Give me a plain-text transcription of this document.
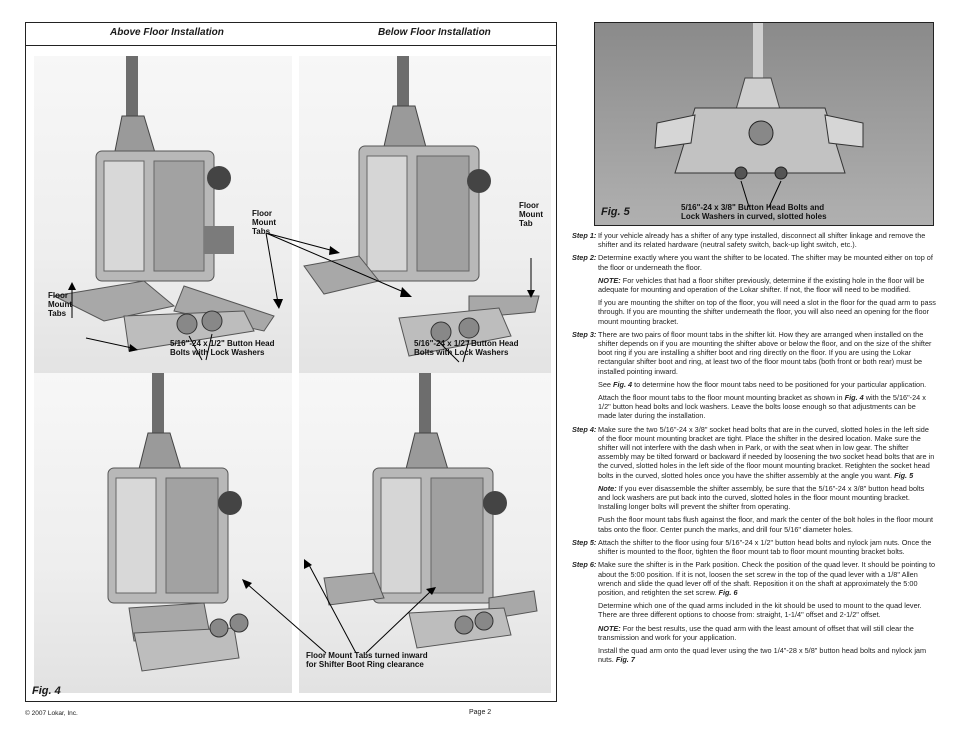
Above Floor Installation	Below Floor Installation
Floor
Mount
Tabs
5/16"-24 x 1/2" Button Head
Bolts with Lock Washers
Floor
Mount
Tabs
Floor
Mount
Tab
5/16"-24 x 1/2" Button Head
Bolts with Lock Washers
Floor Mount Tabs turned inward
for Shifter Boot Ring clearance
Fig. 4
Fig. 5	5/16"-24 x 3/8" Button Head Bolts and
Lock Washers in curved, slotted holes
Step 1: If your vehicle already has a shifter of any type installed, disconnect all shifter linkage and remove the shifter and its related hardware (neutral safety switch, back-up light switch, etc.).
Step 2: Determine exactly where you want the shifter to be located. The shifter may be mounted either on top of the floor or underneath the floor.
NOTE: For vehicles that had a floor shifter previously, determine if the existing hole in the floor will be adequate for mounting and operation of the Lokar shifter. If not, the floor will need to be modified.
If you are mounting the shifter on top of the floor, you will need a slot in the floor for the quad arm to pass through. If you are mounting the shifter underneath the floor, you will also need an opening for the floor mount mounting bracket.
Step 3: There are two pairs of floor mount tabs in the shifter kit. How they are arranged when installed on the shifter depends on if you are mounting the shifter above or below the floor, and on the size of the shifter boot ring if you are installing a shifter boot and ring directly on the floor. If you are using the Lokar rectangular shifter boot and ring, at least two of the floor mount tabs (both front or both rear) must be installed pointing inward.
See Fig. 4 to determine how the floor mount tabs need to be positioned for your particular application.
Attach the floor mount tabs to the floor mount mounting bracket as shown in Fig. 4 with the 5/16"-24 x 1/2" button head bolts and lock washers. Leave the bolts loose enough so that adjustments can be made later during the installation.
Step 4: Make sure the two 5/16"-24 x 3/8" socket head bolts that are in the curved, slotted holes in the left side of the floor mount mounting bracket are tight. Place the shifter in the desired location. Make sure the shifter will not interfere with the dash when in Park, or with the seat when in low gear. The shifter assembly may be tilted forward or backward if needed by loosening the two socket head bolts that are in the curved, slotted holes in the left side of the floor mount mounting bracket. Retighten the socket head bolts in the curved, slotted holes once you have the shifter assembly at the angle you want. Fig. 5
Note: If you ever disassemble the shifter assembly, be sure that the 5/16"-24 x 3/8" button head bolts and lock washers are put back into the curved, slotted holes in the floor mount mounting bracket. Installing longer bolts will prevent the shifter from operating.
Push the floor mount tabs flush against the floor, and mark the center of the bolt holes in the floor mount tabs onto the floor. Center punch the marks, and drill four 5/16" diameter holes.
Step 5: Attach the shifter to the floor using four 5/16"-24 x 1/2" button head bolts and nylock jam nuts. Once the shifter is mounted to the floor, tighten the floor mount tab to floor mount mounting bracket bolts.
Step 6: Make sure the shifter is in the Park position. Check the position of the quad lever. It should be pointing to about the 5:00 position. If it is not, loosen the set screw in the top of the quad lever with a 1/8" Allen wrench and slide the quad lever off of the shaft. Reposition it on the shaft at approximately the 5:00 position, and retighten the set screw. Fig. 6
Determine which one of the quad arms included in the kit should be used to mount to the quad lever. There are three different options to choose from: straight, 1-1/4" offset and 2-1/2" offset.
NOTE: For the best results, use the quad arm with the least amount of offset that will still clear the transmission and work for your application.
Install the quad arm onto the quad lever using the two 1/4"-28 x 5/8" button head bolts and nylock jam nuts. Fig. 7
© 2007 Lokar, Inc.	Page 2
